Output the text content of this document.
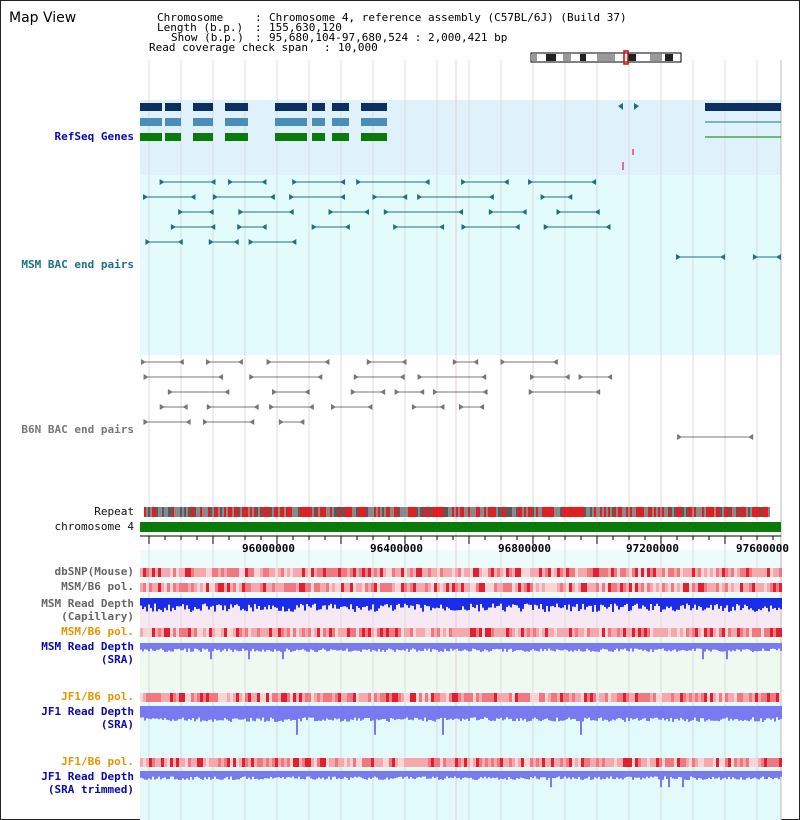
Map View	Chromosome	: Chromosome 4, reference assembly (C57BL/6J) (Build 37)
Length (b.p.) : 155,630,120
Show (b.p.) : 95,680,104-97,680,524 : 2,000,421 bp
Read coverage check span : 10,000
96000000	96400000	96800000	97200000	97600000
RefSeq Genes
MSM BAC end pairs
B6N BAC end pairs
Repeat
chromosome 4
dbSNP(Mouse)
MSM/B6 pol.
MSM Read Depth
(Capillary)
MSM/B6 pol.
MSM Read Depth
(SRA)
JF1/B6 pol.
JF1 Read Depth
(SRA)
JF1/B6 pol.
JF1 Read Depth
(SRA trimmed)
